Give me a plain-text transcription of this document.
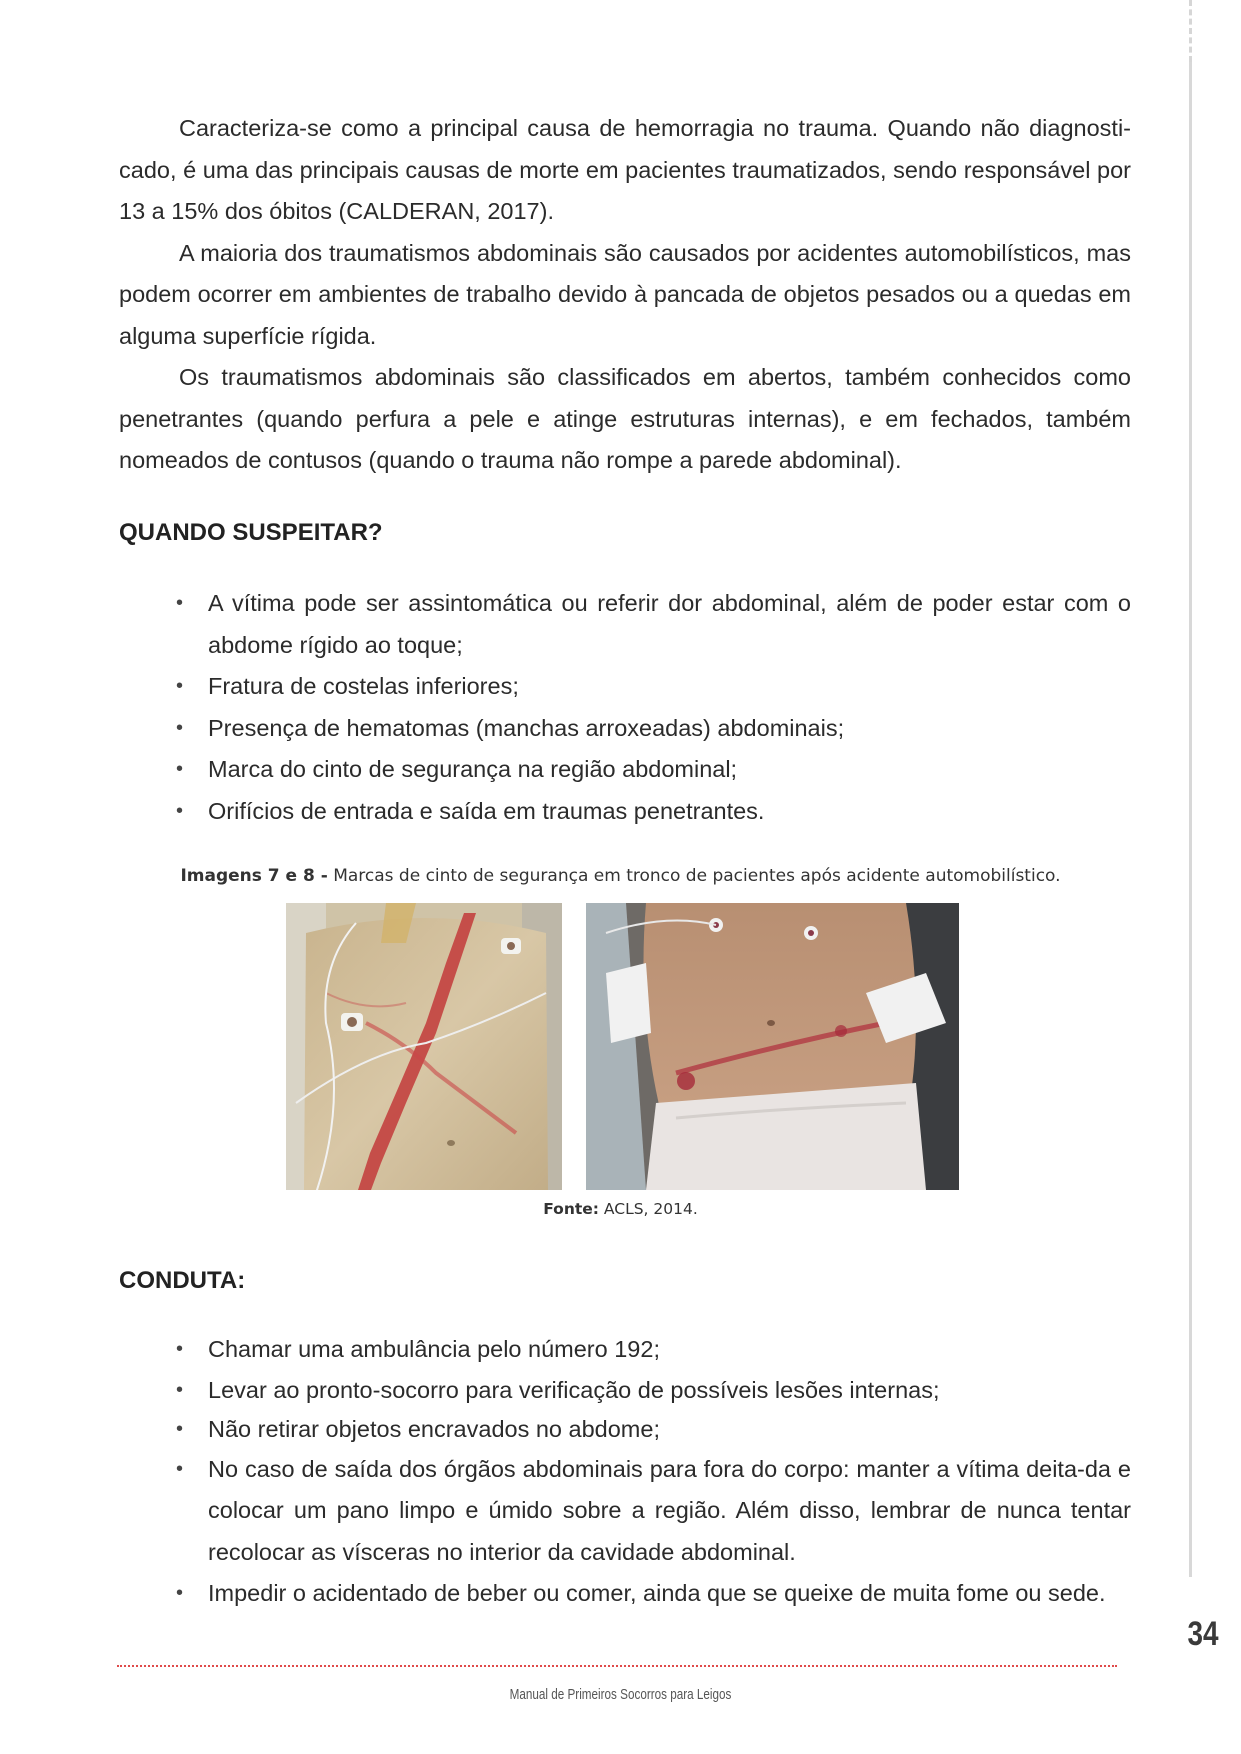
Caracteriza-se como a principal causa de hemorragia no trauma. Quando não diagnosti-cado, é uma das principais causas de morte em pacientes traumatizados, sendo responsável por 13 a 15% dos óbitos (CALDERAN, 2017).

A maioria dos traumatismos abdominais são causados por acidentes automobilísticos, mas podem ocorrer em ambientes de trabalho devido à pancada de objetos pesados ou a quedas em alguma superfície rígida.

Os traumatismos abdominais são classificados em abertos, também conhecidos como penetrantes (quando perfura a pele e atinge estruturas internas), e em fechados, também nomeados de contusos (quando o trauma não rompe a parede abdominal).

QUANDO SUSPEITAR?
• A vítima pode ser assintomática ou referir dor abdominal, além de poder estar com o abdome rígido ao toque;
• Fratura de costelas inferiores;
• Presença de hematomas (manchas arroxeadas) abdominais;
• Marca do cinto de segurança na região abdominal;
• Orifícios de entrada e saída em traumas penetrantes.
Imagens 7 e 8 - Marcas de cinto de segurança em tronco de pacientes após acidente automobilístico.
Fonte: ACLS, 2014.
CONDUTA:
• Chamar uma ambulância pelo número 192;
• Levar ao pronto-socorro para verificação de possíveis lesões internas;
• Não retirar objetos encravados no abdome;
• No caso de saída dos órgãos abdominais para fora do corpo: manter a vítima deita-da e colocar um pano limpo e úmido sobre a região. Além disso, lembrar de nunca tentar recolocar as vísceras no interior da cavidade abdominal.
• Impedir o acidentado de beber ou comer, ainda que se queixe de muita fome ou sede.
34
Manual de Primeiros Socorros para Leigos
